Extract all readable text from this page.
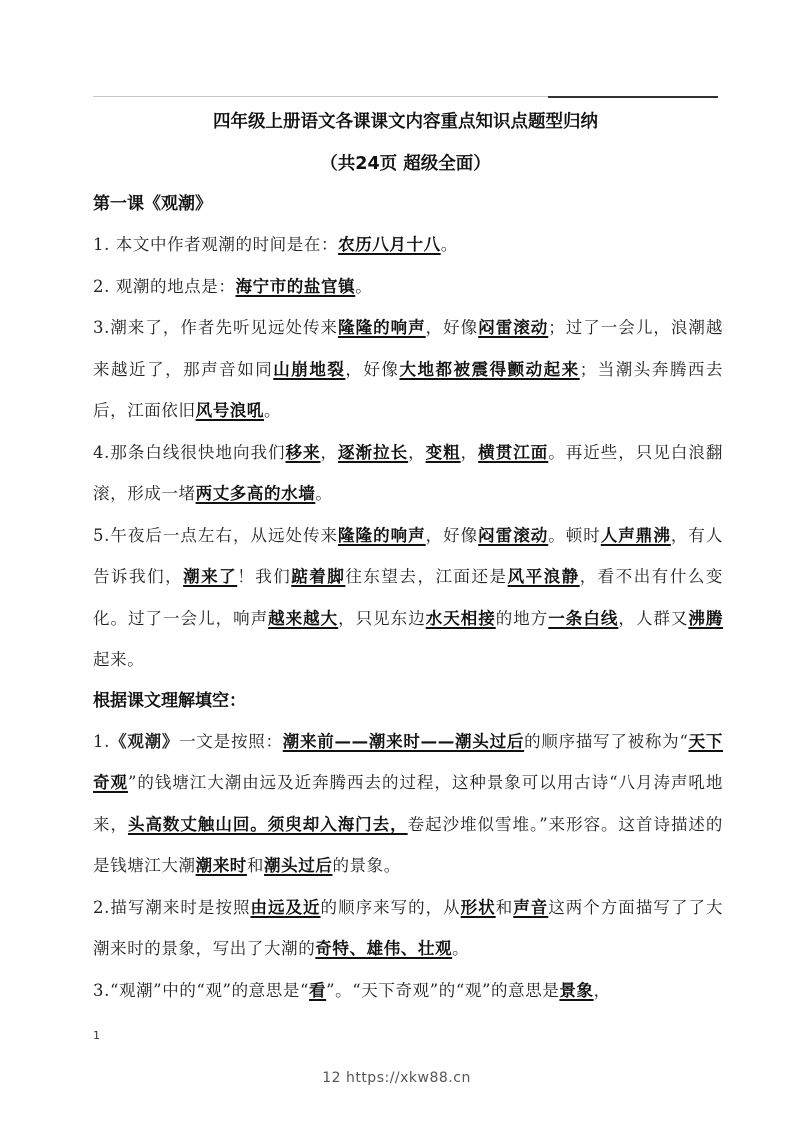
四年级上册语文各课课文内容重点知识点题型归纳
（共24页 超级全面）
第一课《观潮》

1. 本文中作者观潮的时间是在：农历八月十八。

2. 观潮的地点是：海宁市的盐官镇。

3.潮来了，作者先听见远处传来隆隆的响声，好像闷雷滚动；过了一会儿，浪潮越来越近了，那声音如同山崩地裂，好像大地都被震得颤动起来；当潮头奔腾西去后，江面依旧风号浪吼。

4.那条白线很快地向我们移来，逐渐拉长，变粗，横贯江面。再近些，只见白浪翻滚，形成一堵两丈多高的水墙。

5.午夜后一点左右，从远处传来隆隆的响声，好像闷雷滚动。顿时人声鼎沸，有人告诉我们，潮来了！我们踮着脚往东望去，江面还是风平浪静，看不出有什么变化。过了一会儿，响声越来越大，只见东边水天相接的地方一条白线，人群又沸腾起来。

根据课文理解填空：

1.《观潮》一文是按照：潮来前——潮来时——潮头过后的顺序描写了被称为“天下奇观”的钱塘江大潮由远及近奔腾西去的过程，这种景象可以用古诗“八月涛声吼地来，头高数丈触山回。须臾却入海门去，卷起沙堆似雪堆。”来形容。这首诗描述的是钱塘江大潮潮来时和潮头过后的景象。

2.描写潮来时是按照由远及近的顺序来写的，从形状和声音这两个方面描写了了大潮来时的景象，写出了大潮的奇特、雄伟、壮观。

3.“观潮”中的“观”的意思是“看”。“天下奇观”的“观”的意思是景象，

1
12 https://xkw88.cn
